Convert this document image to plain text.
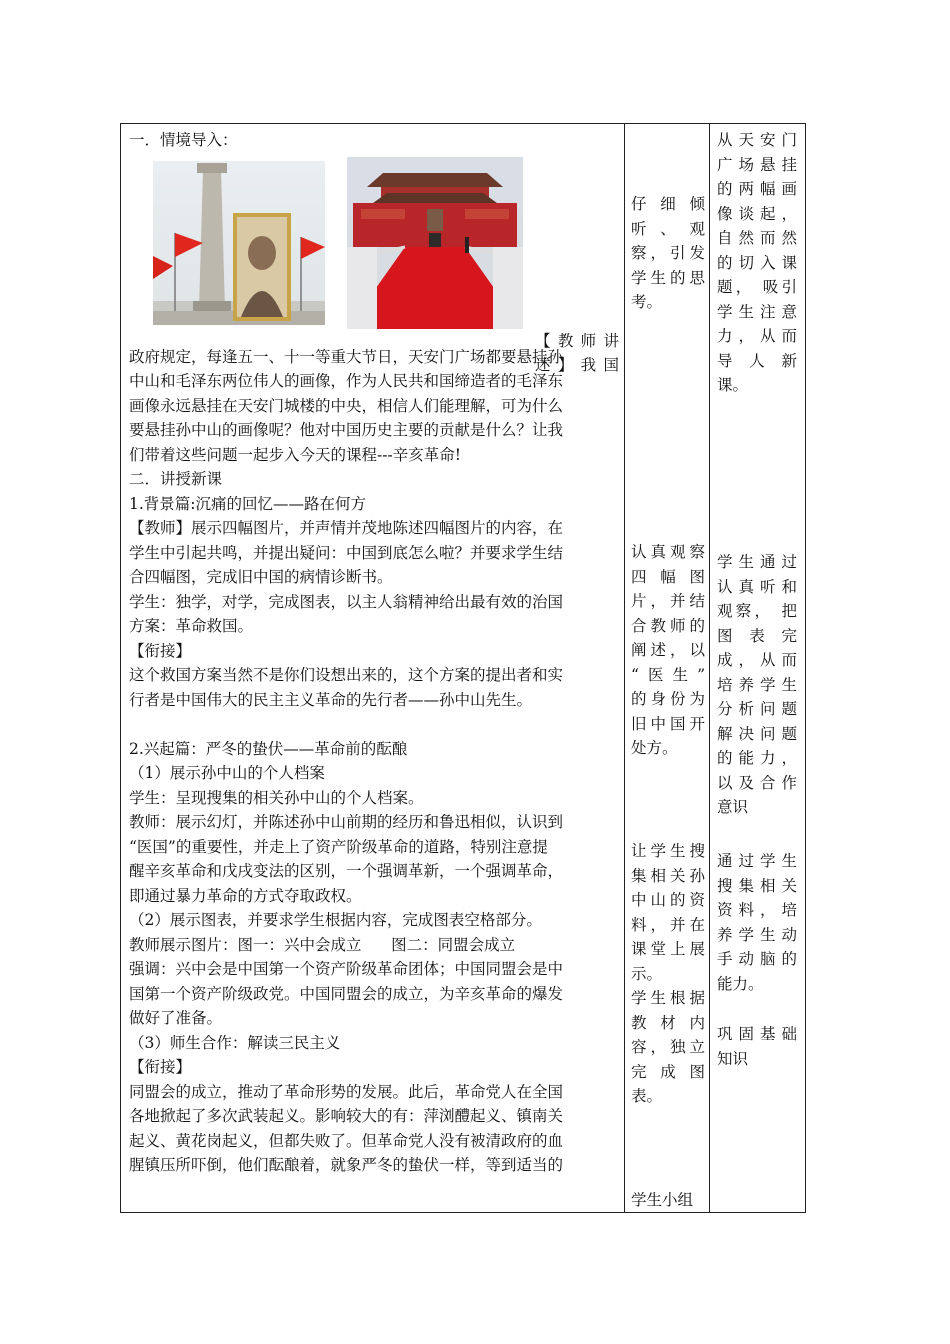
一．情境导入：

【 教 师 讲
述 】 我 国

政府规定，每逢五一、十一等重大节日，天安门广场都要悬挂孙

中山和毛泽东两位伟人的画像，作为人民共和国缔造者的毛泽东

画像永远悬挂在天安门城楼的中央，相信人们能理解，可为什么

要悬挂孙中山的画像呢？他对中国历史主要的贡献是什么？让我

们带着这些问题一起步入今天的课程---辛亥革命!

二．讲授新课

1.背景篇:沉痛的回忆——路在何方

【教师】展示四幅图片，并声情并茂地陈述四幅图片的内容，在

学生中引起共鸣，并提出疑问：中国到底怎么啦？并要求学生结

合四幅图，完成旧中国的病情诊断书。

学生：独学，对学，完成图表，以主人翁精神给出最有效的治国

方案：革命救国。

【衔接】

这个救国方案当然不是你们设想出来的，这个方案的提出者和实

行者是中国伟大的民主主义革命的先行者——孙中山先生。

2.兴起篇：严冬的蛰伏——革命前的酝酿

（1）展示孙中山的个人档案

学生：呈现搜集的相关孙中山的个人档案。

教师：展示幻灯，并陈述孙中山前期的经历和鲁迅相似，认识到

“医国”的重要性，并走上了资产阶级革命的道路，特别注意提

醒辛亥革命和戊戌变法的区别，一个强调革新，一个强调革命，

即通过暴力革命的方式夺取政权。

（2）展示图表，并要求学生根据内容，完成图表空格部分。

教师展示图片：图一：兴中会成立      图二：同盟会成立

强调：兴中会是中国第一个资产阶级革命团体；中国同盟会是中

国第一个资产阶级政党。中国同盟会的成立，为辛亥革命的爆发

做好了准备。

（3）师生合作：解读三民主义

【衔接】

同盟会的成立，推动了革命形势的发展。此后，革命党人在全国

各地掀起了多次武装起义。影响较大的有：萍浏醴起义、镇南关

起义、黄花岗起义，但都失败了。但革命党人没有被清政府的血

腥镇压所吓倒，他们酝酿着，就象严冬的蛰伏一样，等到适当的

仔 细 倾
听 、 观
察，引发
学生的思
考。
认真观察
四 幅 图
片，并结
合教师的
阐述，以
“医生”
的身份为
旧中国开
处方。
让学生搜
集相关孙
中山的资
料，并在
课堂上展
示。
学生根据
教 材 内
容，独立
完 成 图
表。
学生小组
从天安门
广场悬挂
的两幅画
像谈起，
自然而然
的切入课
题， 吸引
学生注意
力，从而
导 人 新
课。
学生通过
认真听和
观察， 把
图 表 完
成，从而
培养学生
分析问题
解决问题
的能力，
以及合作
意识
通过学生
搜集相关
资 料 ， 培
养学生动
手动脑的
能力。
巩固基础
知识
